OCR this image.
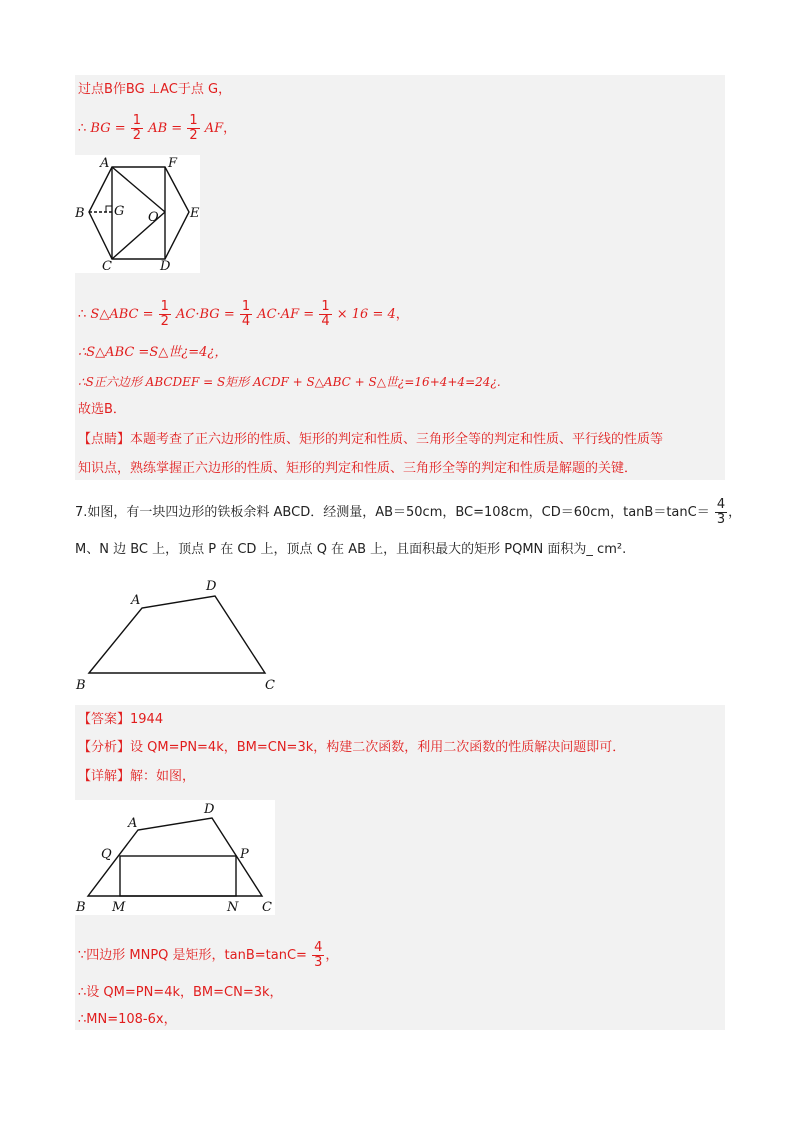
过点B作BG ⊥AC于点 G，
∴ BG = $\frac{1}{2}$ AB = $\frac{1}{2}$ AF，
A	F
B G O E
C	D
∴ S△ABC = $\frac{1}{2} AC\cdot BG = \frac{1}{4} AC\cdot AF = \frac{1}{4} \times 16 = 4$，
∴S△ABC =S△世¿=4¿，
∴S正六边形 ABCDEF = S矩形 ACDF + S△ABC + S△世¿=16+4+4=24¿.
故选B．
【点睛】本题考查了正六边形的性质、矩形的判定和性质、三角形全等的判定和性质、平行线的性质等
知识点，熟练掌握正六边形的性质、矩形的判定和性质、三角形全等的判定和性质是解题的关键．
7.如图，有一块四边形的铁板余料 ABCD．经测量，AB＝50cm，BC=108cm，CD＝60cm，$\tan B=\tan C= \frac{4}{3}$ ，
M、N 边 BC 上，顶点 P 在 CD 上，顶点 Q 在 AB 上，且面积最大的矩形 PQMN 面积为_ cm².
A
D
B	C
【答案】1944
【分析】设 QM=PN=4k，BM=CN=3k，构建二次函数，利用二次函数的性质解决问题即可．
【详解】解：如图，
A
D
Q	P
B M	N C
∵四边形 MNPQ 是矩形，$\tan B=\tan C= \frac{4}{3}$ ，
∴设 QM=PN=4k，BM=CN=3k，
∴MN=108-6x，
